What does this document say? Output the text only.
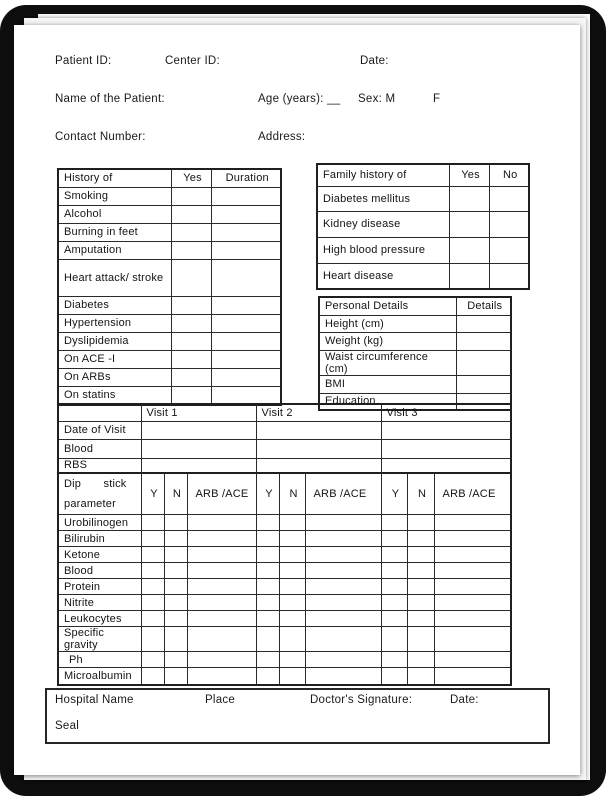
Patient ID:	Center ID:	Date:
Name of the Patient:	Age (years): __ Sex: M	F
Contact Number:	Address:
History of	Yes	Duration
Smoking		
Alcohol		
Burning in feet		
Amputation		
Heart attack/ stroke		
Diabetes		
Hypertension		
Dyslipidemia		
On ACE -I		
On ARBs		
On statins		
Family history of	Yes	No
Diabetes mellitus		
Kidney disease		
High blood pressure		
Heart disease		
Personal Details	Details
Height (cm)	
Weight (kg)	
Waist circumference (cm)	
BMI	
Education	
	Visit 1			Visit 2			Visit 3		
Date of Visit									
Blood									
RBS									

Dip stick
parameter	Y	N	ARB /ACE	Y	N	ARB /ACE	Y	N	ARB /ACE
Urobilinogen									
Bilirubin									
Ketone									
Blood									
Protein									
Nitrite									
Leukocytes									
Specific gravity									
Ph									
Microalbumin									
Hospital Name	Place	Doctor's Signature:	Date:
Seal
